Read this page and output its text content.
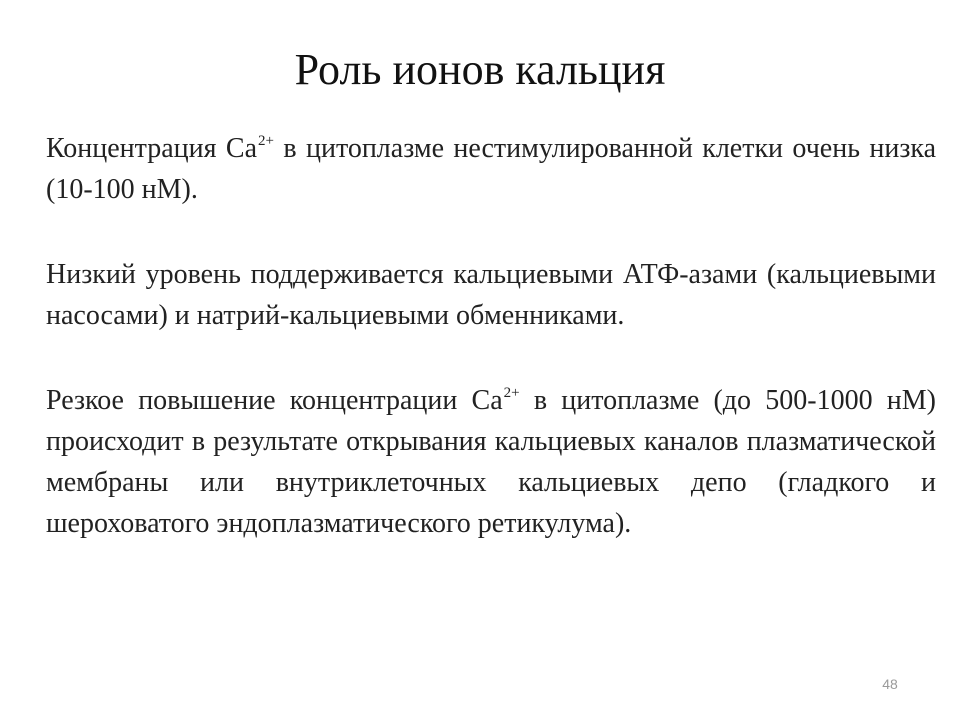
Роль ионов кальция

Концентрация $Ca^{2+}$ в цитоплазме нестимулированной клетки очень низка (10-100 нМ).

Низкий уровень поддерживается кальциевыми АТФ-азами (кальциевыми насосами) и натрий-кальциевыми обменниками.

Резкое повышение концентрации $Ca^{2+}$ в цитоплазме (до 500-1000 нМ) происходит в результате открывания кальциевых каналов плазматической мембраны или внутриклеточных кальциевых депо (гладкого и шероховатого эндоплазматического ретикулума).

48
